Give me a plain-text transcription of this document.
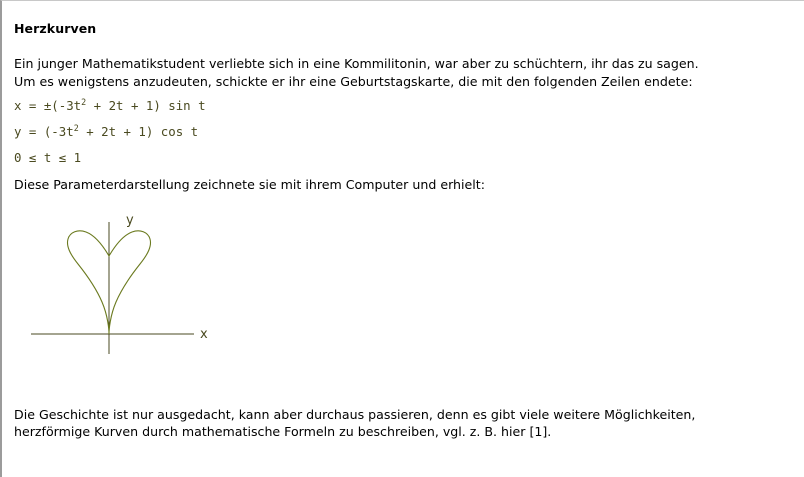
Herzkurven

Ein junger Mathematikstudent verliebte sich in eine Kommilitonin, war aber zu schüchtern, ihr das zu sagen. Um es wenigstens anzudeuten, schickte er ihr eine Geburtstagskarte, die mit den folgenden Zeilen endete:

$x = \pm(-3t^2 + 2t + 1)$ sin t
$y = (-3t^2 + 2t + 1)$ cos t
0 ≤ t ≤ 1

Diese Parameterdarstellung zeichnete sie mit ihrem Computer und erhielt:

y
x

Die Geschichte ist nur ausgedacht, kann aber durchaus passieren, denn es gibt viele weitere Möglichkeiten, herzförmige Kurven durch mathematische Formeln zu beschreiben, vgl. z. B. hier [1].
